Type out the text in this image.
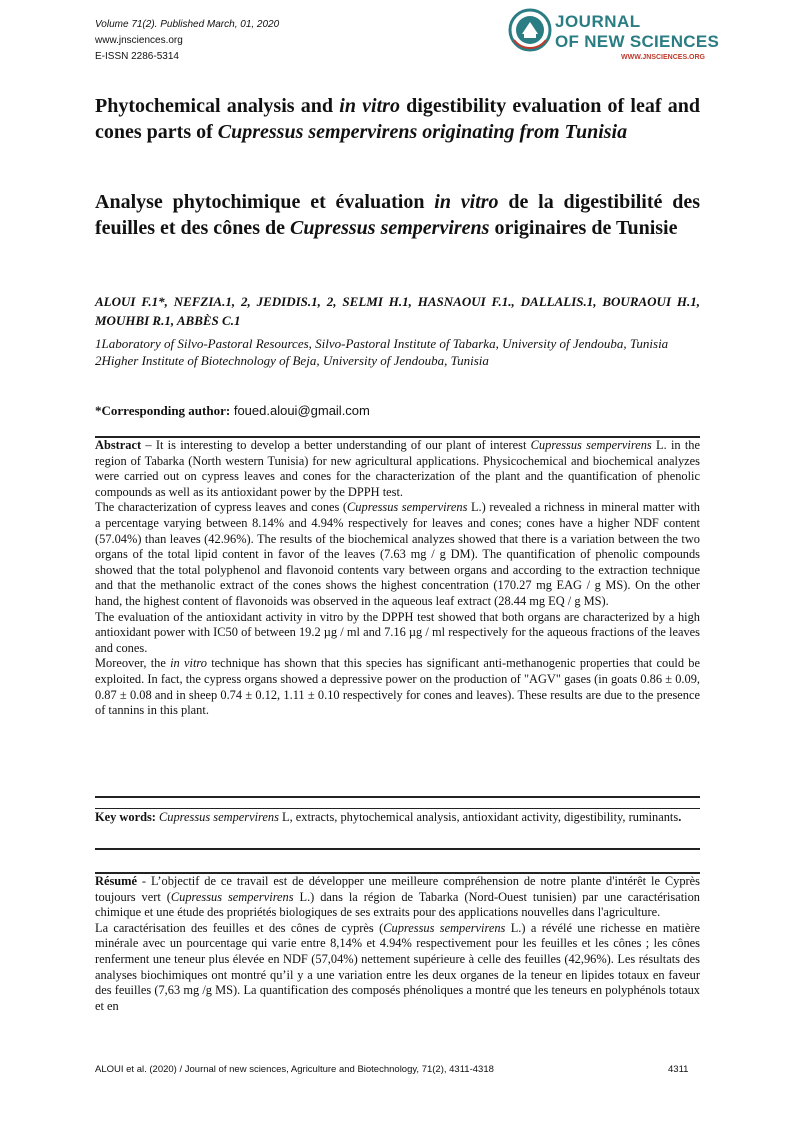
Volume 71(2). Published March, 01, 2020
www.jnsciences.org
E-ISSN 2286-5314
JOURNAL
OF NEW SCIENCES
WWW.JNSCIENCES.ORG
Phytochemical analysis and in vitro digestibility evaluation of leaf and cones parts of Cupressus sempervirens originating from Tunisia
Analyse phytochimique et évaluation in vitro de la digestibilité des feuilles et des cônes de Cupressus sempervirens originaires de Tunisie
ALOUI F.1*, NEFZIA.1, 2, JEDIDIS.1, 2, SELMI H.1, HASNAOUI F.1., DALLALIS.1, BOURAOUI H.1, MOUHBI R.1, ABBÈS C.1

1Laboratory of Silvo-Pastoral Resources, Silvo-Pastoral Institute of Tabarka, University of Jendouba, Tunisia

2Higher Institute of Biotechnology of Beja, University of Jendouba, Tunisia

*Corresponding author: foued.aloui@gmail.com

Abstract – It is interesting to develop a better understanding of our plant of interest Cupressus sempervirens L. in the region of Tabarka (North western Tunisia) for new agricultural applications. Physicochemical and biochemical analyzes were carried out on cypress leaves and cones for the characterization of the plant and the quantification of phenolic compounds as well as its antioxidant power by the DPPH test.

The characterization of cypress leaves and cones (Cupressus sempervirens L.) revealed a richness in mineral matter with a percentage varying between 8.14% and 4.94% respectively for leaves and cones; cones have a higher NDF content (57.04%) than leaves (42.96%). The results of the biochemical analyzes showed that there is a variation between the two organs of the total lipid content in favor of the leaves (7.63 mg / g DM). The quantification of phenolic compounds showed that the total polyphenol and flavonoid contents vary between organs and according to the extraction technique and that the methanolic extract of the cones shows the highest concentration (170.27 mg EAG / g MS). On the other hand, the highest content of flavonoids was observed in the aqueous leaf extract (28.44 mg EQ / g MS).

The evaluation of the antioxidant activity in vitro by the DPPH test showed that both organs are characterized by a high antioxidant power with IC50 of between 19.2 µg / ml and 7.16 µg / ml respectively for the aqueous fractions of the leaves and cones.

Moreover, the in vitro technique has shown that this species has significant anti-methanogenic properties that could be exploited. In fact, the cypress organs showed a depressive power on the production of "AGV" gases (in goats 0.86 ± 0.09, 0.87 ± 0.08 and in sheep 0.74 ± 0.12, 1.11 ± 0.10 respectively for cones and leaves). These results are due to the presence of tannins in this plant.

Key words: Cupressus sempervirens L, extracts, phytochemical analysis, antioxidant activity, digestibility, ruminants.

Résumé - L’objectif de ce travail est de développer une meilleure compréhension de notre plante d'intérêt le Cyprès toujours vert (Cupressus sempervirens L.) dans la région de Tabarka (Nord-Ouest tunisien) par une caractérisation chimique et une étude des propriétés biologiques de ses extraits pour des applications nouvelles dans l'agriculture.

La caractérisation des feuilles et des cônes de cyprès (Cupressus sempervirens L.) a révélé une richesse en matière minérale avec un pourcentage qui varie entre 8,14% et 4.94% respectivement pour les feuilles et les cônes ; les cônes renferment une teneur plus élevée en NDF (57,04%) nettement supérieure à celle des feuilles (42,96%). Les résultats des analyses biochimiques ont montré qu’il y a une variation entre les deux organes de la teneur en lipides totaux en faveur des feuilles (7,63 mg /g MS). La quantification des composés phénoliques a montré que les teneurs en polyphénols totaux et en

ALOUI et al. (2020) / Journal of new sciences, Agriculture and Biotechnology, 71(2), 4311-4318	4311
